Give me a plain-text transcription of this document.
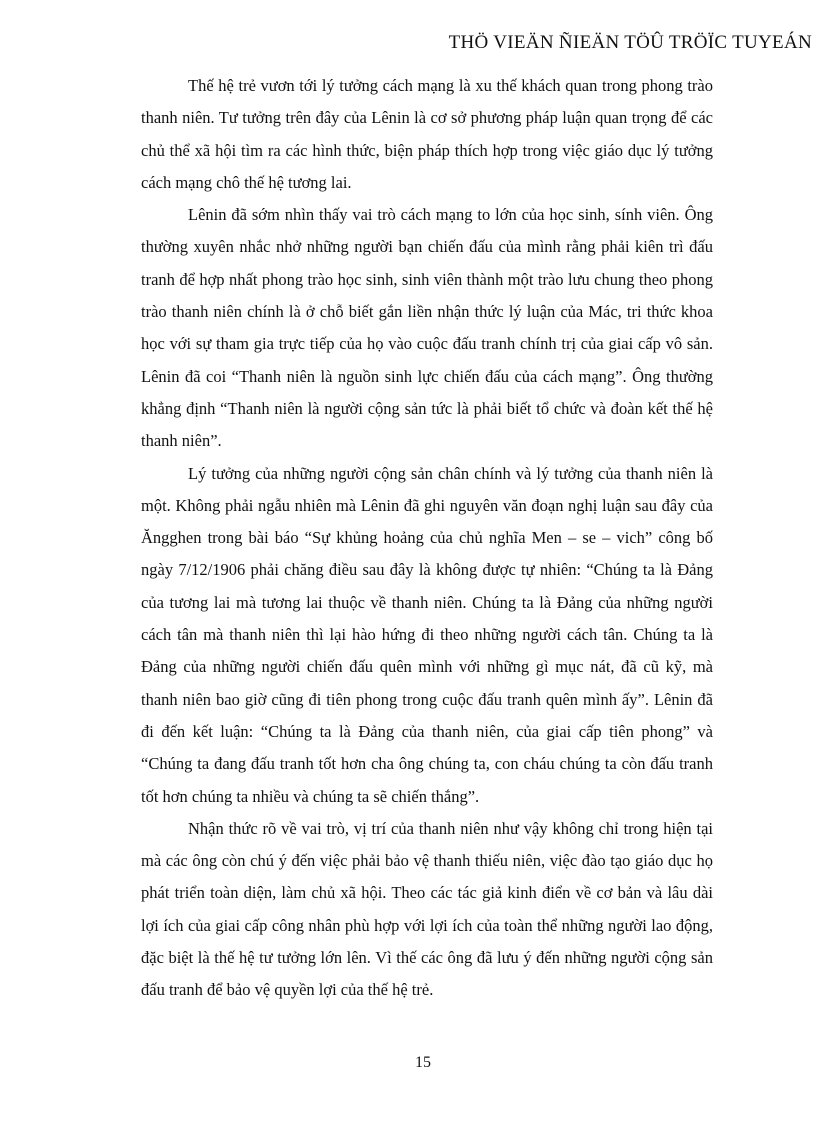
THÖ VIEÄN ÑIEÄN TÖÛ TRÖÏC TUYEÁN

Thế hệ trẻ vươn tới lý tưởng cách mạng là xu thế khách quan trong phong trào thanh niên. Tư tưởng trên đây của Lênin là cơ sở phương pháp luận quan trọng để các chủ thể xã hội tìm ra các hình thức, biện pháp thích hợp trong việc giáo dục lý tưởng cách mạng chô thế hệ tương lai.

Lênin đã sớm nhìn thấy vai trò cách mạng to lớn của học sinh, sính viên. Ông thường xuyên nhắc nhở những người bạn chiến đấu của mình rằng phải kiên trì đấu tranh để hợp nhất phong trào học sinh, sinh viên thành một trào lưu chung theo phong trào thanh niên chính là ở chỗ biết gắn liền nhận thức lý luận của Mác, tri thức khoa học với sự tham gia trực tiếp của họ vào cuộc đấu tranh chính trị của giai cấp vô sản. Lênin đã coi “Thanh niên là nguồn sinh lực chiến đấu của cách mạng”. Ông thường khẳng định “Thanh niên là người cộng sản tức là phải biết tổ chức và đoàn kết thế hệ thanh niên”.

Lý tưởng của những người cộng sản chân chính và lý tưởng của thanh niên là một. Không phải ngẫu nhiên mà Lênin đã ghi nguyên văn đoạn nghị luận sau đây của Ăngghen trong bài báo “Sự khủng hoảng của chủ nghĩa Men – se – vich” công bố ngày 7/12/1906 phải chăng điều sau đây là không được tự nhiên: “Chúng ta là Đảng của tương lai mà tương lai thuộc về thanh niên. Chúng ta là Đảng của những người cách tân mà thanh niên thì lại hào hứng đi theo những người cách tân. Chúng ta là Đảng của những người chiến đấu quên mình với những gì mục nát, đã cũ kỹ, mà thanh niên bao giờ cũng đi tiên phong trong cuộc đấu tranh quên mình ấy”. Lênin đã đi đến kết luận: “Chúng ta là Đảng của thanh niên, của giai cấp tiên phong” và “Chúng ta đang đấu tranh tốt hơn cha ông chúng ta, con cháu chúng ta còn đấu tranh tốt hơn chúng ta nhiều và chúng ta sẽ chiến thắng”.

Nhận thức rõ về vai trò, vị trí của thanh niên như vậy không chỉ trong hiện tại mà các ông còn chú ý đến việc phải bảo vệ thanh thiếu niên, việc đào tạo giáo dục họ phát triển toàn diện, làm chủ xã hội. Theo các tác giả kinh điển về cơ bản và lâu dài lợi ích của giai cấp công nhân phù hợp với lợi ích của toàn thể những người lao động, đặc biệt là thế hệ tư tưởng lớn lên. Vì thế các ông đã lưu ý đến những người cộng sản đấu tranh để bảo vệ quyền lợi của thế hệ trẻ.

15
